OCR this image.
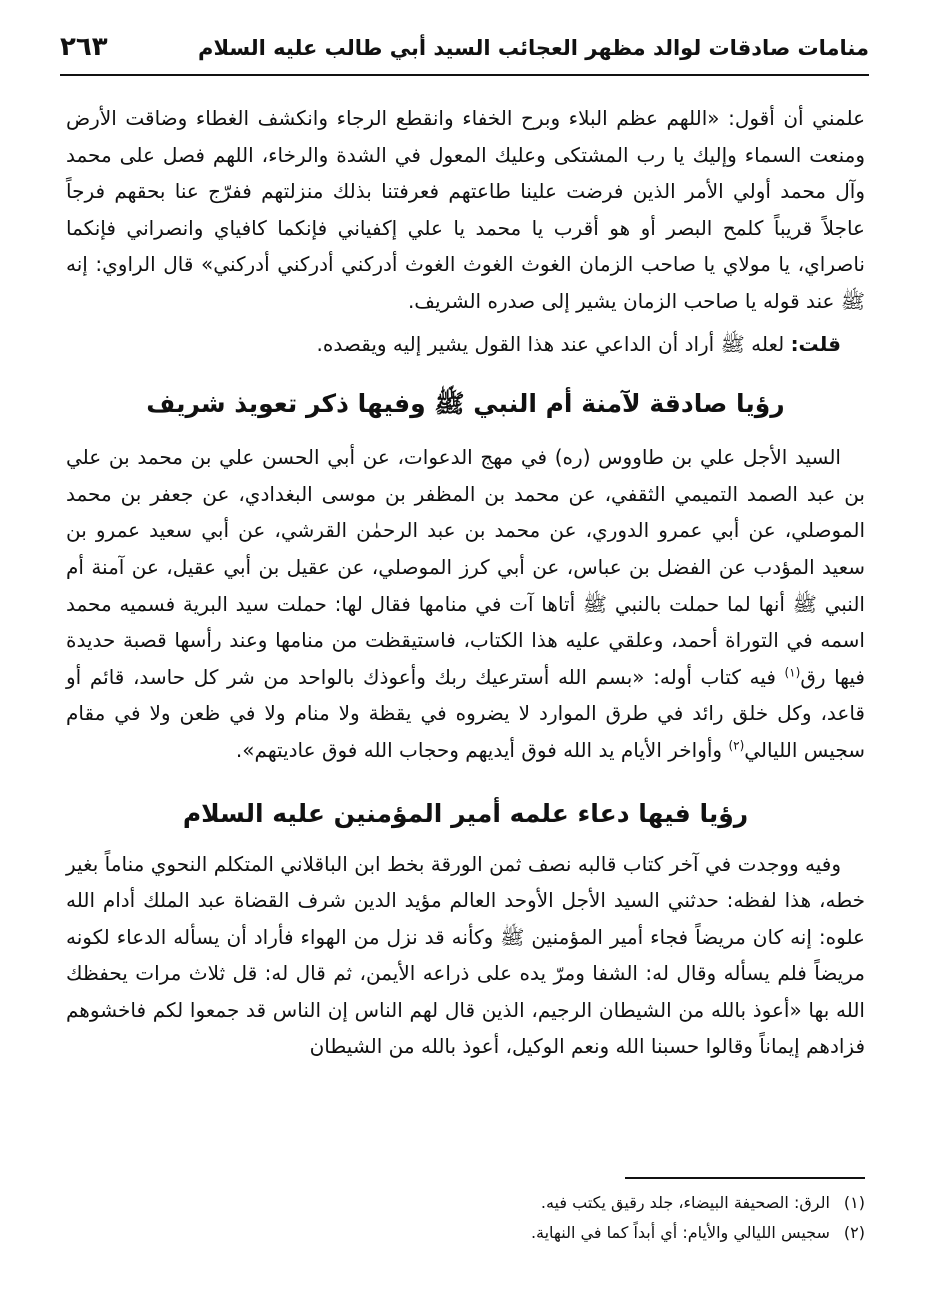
منامات صادقات لوالد مظهر العجائب السيد أبي طالب عليه السلام
٢٦٣

علمني أن أقول: «اللهم عظم البلاء وبرح الخفاء وانقطع الرجاء وانكشف الغطاء وضاقت الأرض ومنعت السماء وإليك يا رب المشتكى وعليك المعول في الشدة والرخاء، اللهم فصل على محمد وآل محمد أولي الأمر الذين فرضت علينا طاعتهم فعرفتنا بذلك منزلتهم ففرّج عنا بحقهم فرجاً عاجلاً قريباً كلمح البصر أو هو أقرب يا محمد يا علي إكفياني فإنكما كافياي وانصراني فإنكما ناصراي، يا مولاي يا صاحب الزمان الغوث الغوث الغوث أدركني أدركني أدركني» قال الراوي: إنه ﷺ عند قوله يا صاحب الزمان يشير إلى صدره الشريف.

قلت: لعله ﷺ أراد أن الداعي عند هذا القول يشير إليه ويقصده.

رؤيا صادقة لآمنة أم النبي ﷺ وفيها ذكر تعويذ شريف

السيد الأجل علي بن طاووس (ره) في مهج الدعوات، عن أبي الحسن علي بن محمد بن علي بن عبد الصمد التميمي الثقفي، عن محمد بن المظفر بن موسى البغدادي، عن جعفر بن محمد الموصلي، عن أبي عمرو الدوري، عن محمد بن عبد الرحمٰن القرشي، عن أبي سعيد عمرو بن سعيد المؤدب عن الفضل بن عباس، عن أبي كرز الموصلي، عن عقيل بن أبي عقيل، عن آمنة أم النبي ﷺ أنها لما حملت بالنبي ﷺ أتاها آت في منامها فقال لها: حملت سيد البرية فسميه محمد اسمه في التوراة أحمد، وعلقي عليه هذا الكتاب، فاستيقظت من منامها وعند رأسها قصبة حديدة فيها رق$^{(١)}$ فيه كتاب أوله: «بسم الله أسترعيك ربك وأعوذك بالواحد من شر كل حاسد، قائم أو قاعد، وكل خلق رائد في طرق الموارد لا يضروه في يقظة ولا منام ولا في ظعن ولا في مقام سجيس الليالي$^{(٢)}$ وأواخر الأيام يد الله فوق أيديهم وحجاب الله فوق عاديتهم».

رؤيا فيها دعاء علمه أمير المؤمنين عليه السلام

وفيه ووجدت في آخر كتاب قالبه نصف ثمن الورقة بخط ابن الباقلاني المتكلم النحوي مناماً بغير خطه، هذا لفظه: حدثني السيد الأجل الأوحد العالم مؤيد الدين شرف القضاة عبد الملك أدام الله علوه: إنه كان مريضاً فجاء أمير المؤمنين ﷺ وكأنه قد نزل من الهواء فأراد أن يسأله الدعاء لكونه مريضاً فلم يسأله وقال له: الشفا ومرّ يده على ذراعه الأيمن، ثم قال له: قل ثلاث مرات يحفظك الله بها «أعوذ بالله من الشيطان الرجيم، الذين قال لهم الناس إن الناس قد جمعوا لكم فاخشوهم فزادهم إيماناً وقالوا حسبنا الله ونعم الوكيل، أعوذ بالله من الشيطان

(١)الرق: الصحيفة البيضاء، جلد رقيق يكتب فيه.

(٢)سجيس الليالي والأيام: أي أبداً كما في النهاية.
